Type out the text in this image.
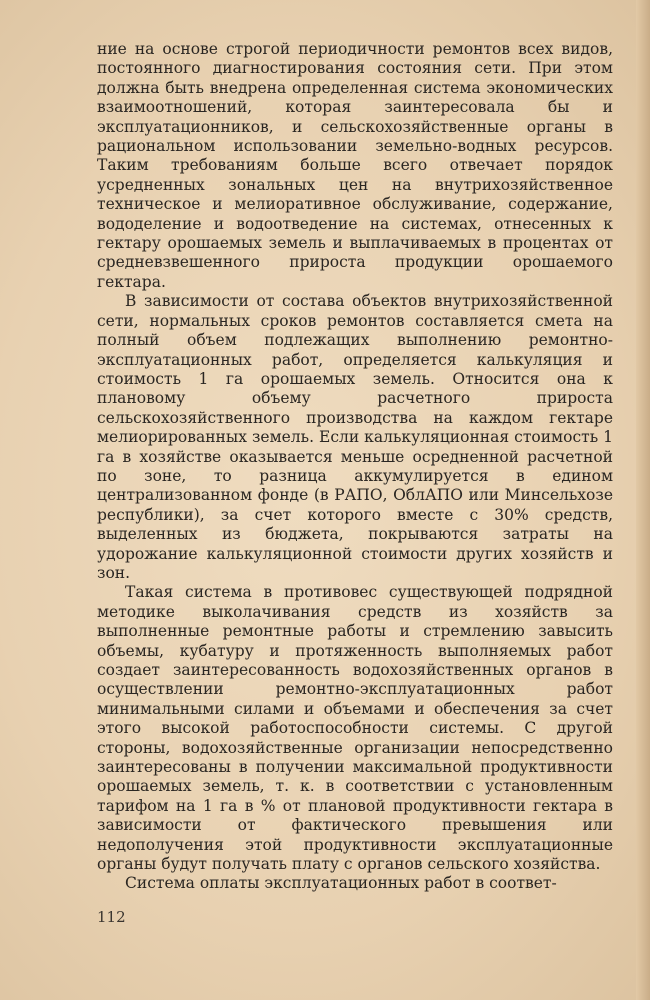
ние на основе строгой периодичности ремонтов всех видов, постоянного диагностирования состояния сети. При этом должна быть внедрена определенная система экономических взаимоотношений, которая заинтересовала бы и эксплуатационников, и сельскохозяйственные органы в рациональном использовании земельно-водных ресурсов. Таким требованиям больше всего отвечает порядок усредненных зональных цен на внутрихозяйственное техническое и мелиоративное обслуживание, содержание, вододеление и водоотведение на системах, отнесенных к гектару орошаемых земель и выплачиваемых в процентах от средневзвешенного прироста продукции орошаемого гектара.

В зависимости от состава объектов внутрихозяйственной сети, нормальных сроков ремонтов составляется смета на полный объем подлежащих выполнению ремонтно-эксплуатационных работ, определяется калькуляция и стоимость 1 га орошаемых земель. Относится она к плановому объему расчетного прироста сельскохозяйственного производства на каждом гектаре мелиорированных земель. Если калькуляционная стоимость 1 га в хозяйстве оказывается меньше осредненной расчетной по зоне, то разница аккумулируется в едином централизованном фонде (в РАПО, ОблАПО или Минсельхозе республики), за счет которого вместе с 30% средств, выделенных из бюджета, покрываются затраты на удорожание калькуляционной стоимости других хозяйств и зон.

Такая система в противовес существующей подрядной методике выколачивания средств из хозяйств за выполненные ремонтные работы и стремлению завысить объемы, кубатуру и протяженность выполняемых работ создает заинтересованность водохозяйственных органов в осуществлении ремонтно-эксплуатационных работ минимальными силами и объемами и обеспечения за счет этого высокой работоспособности системы. С другой стороны, водохозяйственные организации непосредственно заинтересованы в получении максимальной продуктивности орошаемых земель, т. к. в соответствии с установленным тарифом на 1 га в % от плановой продуктивности гектара в зависимости от фактического превышения или недополучения этой продуктивности эксплуатационные органы будут получать плату с органов сельского хозяйства.

Система оплаты эксплуатационных работ в соответ-

112
